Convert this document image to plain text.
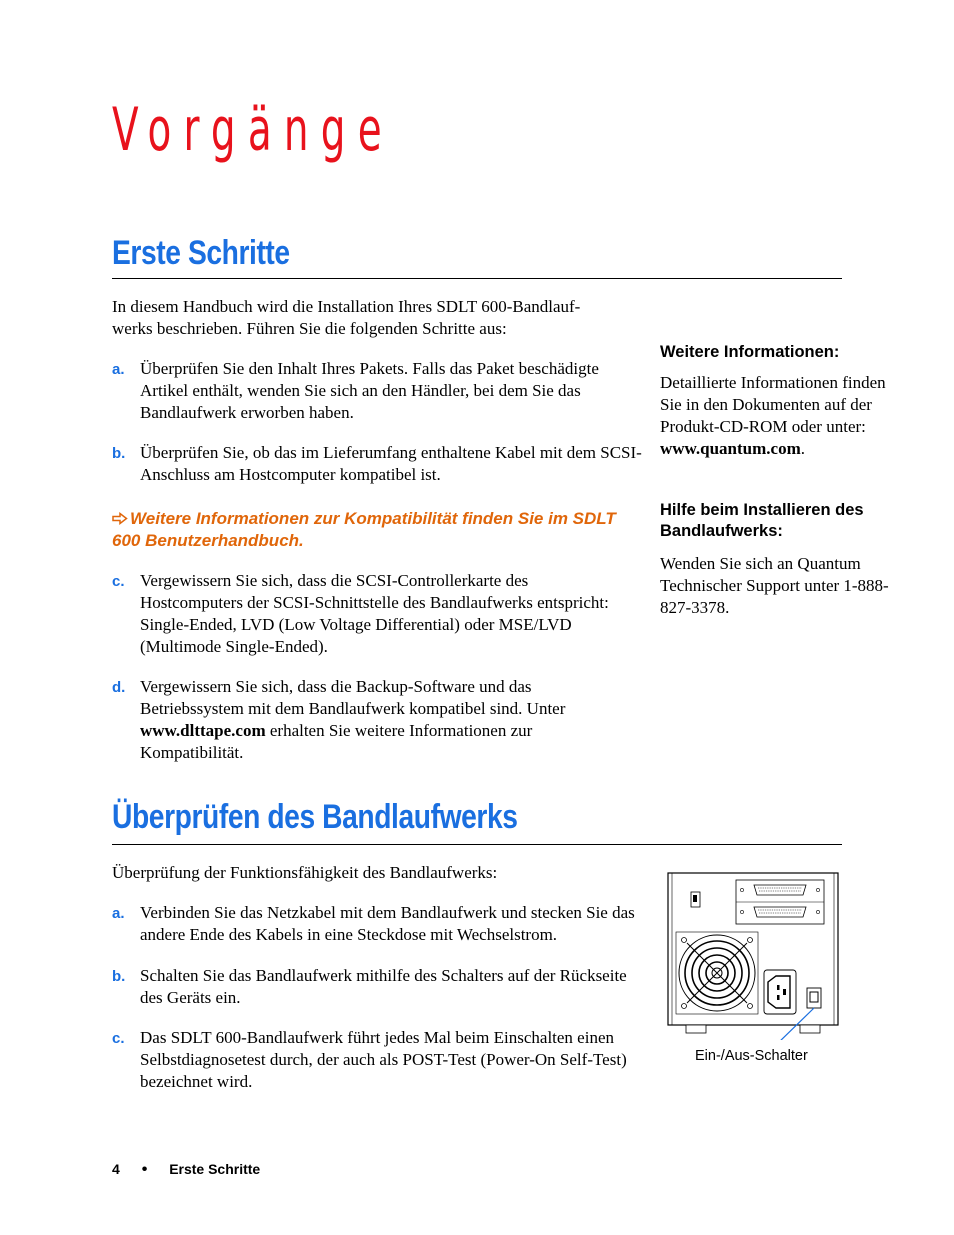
Vorgänge
Erste Schritte
In diesem Handbuch wird die Installation Ihres SDLT 600-Bandlauf-
werks beschrieben. Führen Sie die folgenden Schritte aus:
a. Überprüfen Sie den Inhalt Ihres Pakets. Falls das Paket beschädigte Artikel enthält, wenden Sie sich an den Händler, bei dem Sie das Bandlaufwerk erworben haben.
b. Überprüfen Sie, ob das im Lieferumfang enthaltene Kabel mit dem SCSI-Anschluss am Hostcomputer kompatibel ist.
Weitere Informationen zur Kompatibilität finden Sie im SDLT 600 Benutzerhandbuch.
c. Vergewissern Sie sich, dass die SCSI-Controllerkarte des Hostcomputers der SCSI-Schnittstelle des Bandlaufwerks entspricht: Single-Ended, LVD (Low Voltage Differential) oder MSE/LVD (Multimode Single-Ended).
d. Vergewissern Sie sich, dass die Backup-Software und das Betriebssystem mit dem Bandlaufwerk kompatibel sind. Unter www.dlttape.com erhalten Sie weitere Informationen zur Kompatibilität.
Weitere Informationen:
Detaillierte Informationen finden Sie in den Dokumenten auf der Produkt-CD-ROM oder unter: www.quantum.com.
Hilfe beim Installieren des Bandlaufwerks:
Wenden Sie sich an Quantum Technischer Support unter 1-888-827-3378.
Überprüfen des Bandlaufwerks
Überprüfung der Funktionsfähigkeit des Bandlaufwerks:
a. Verbinden Sie das Netzkabel mit dem Bandlaufwerk und stecken Sie das andere Ende des Kabels in eine Steckdose mit Wechselstrom.
b. Schalten Sie das Bandlaufwerk mithilfe des Schalters auf der Rückseite des Geräts ein.
c. Das SDLT 600-Bandlaufwerk führt jedes Mal beim Einschalten einen Selbstdiagnosetest durch, der auch als POST-Test (Power-On Self-Test) bezeichnet wird.
Ein-/Aus-Schalter
4 • Erste Schritte
